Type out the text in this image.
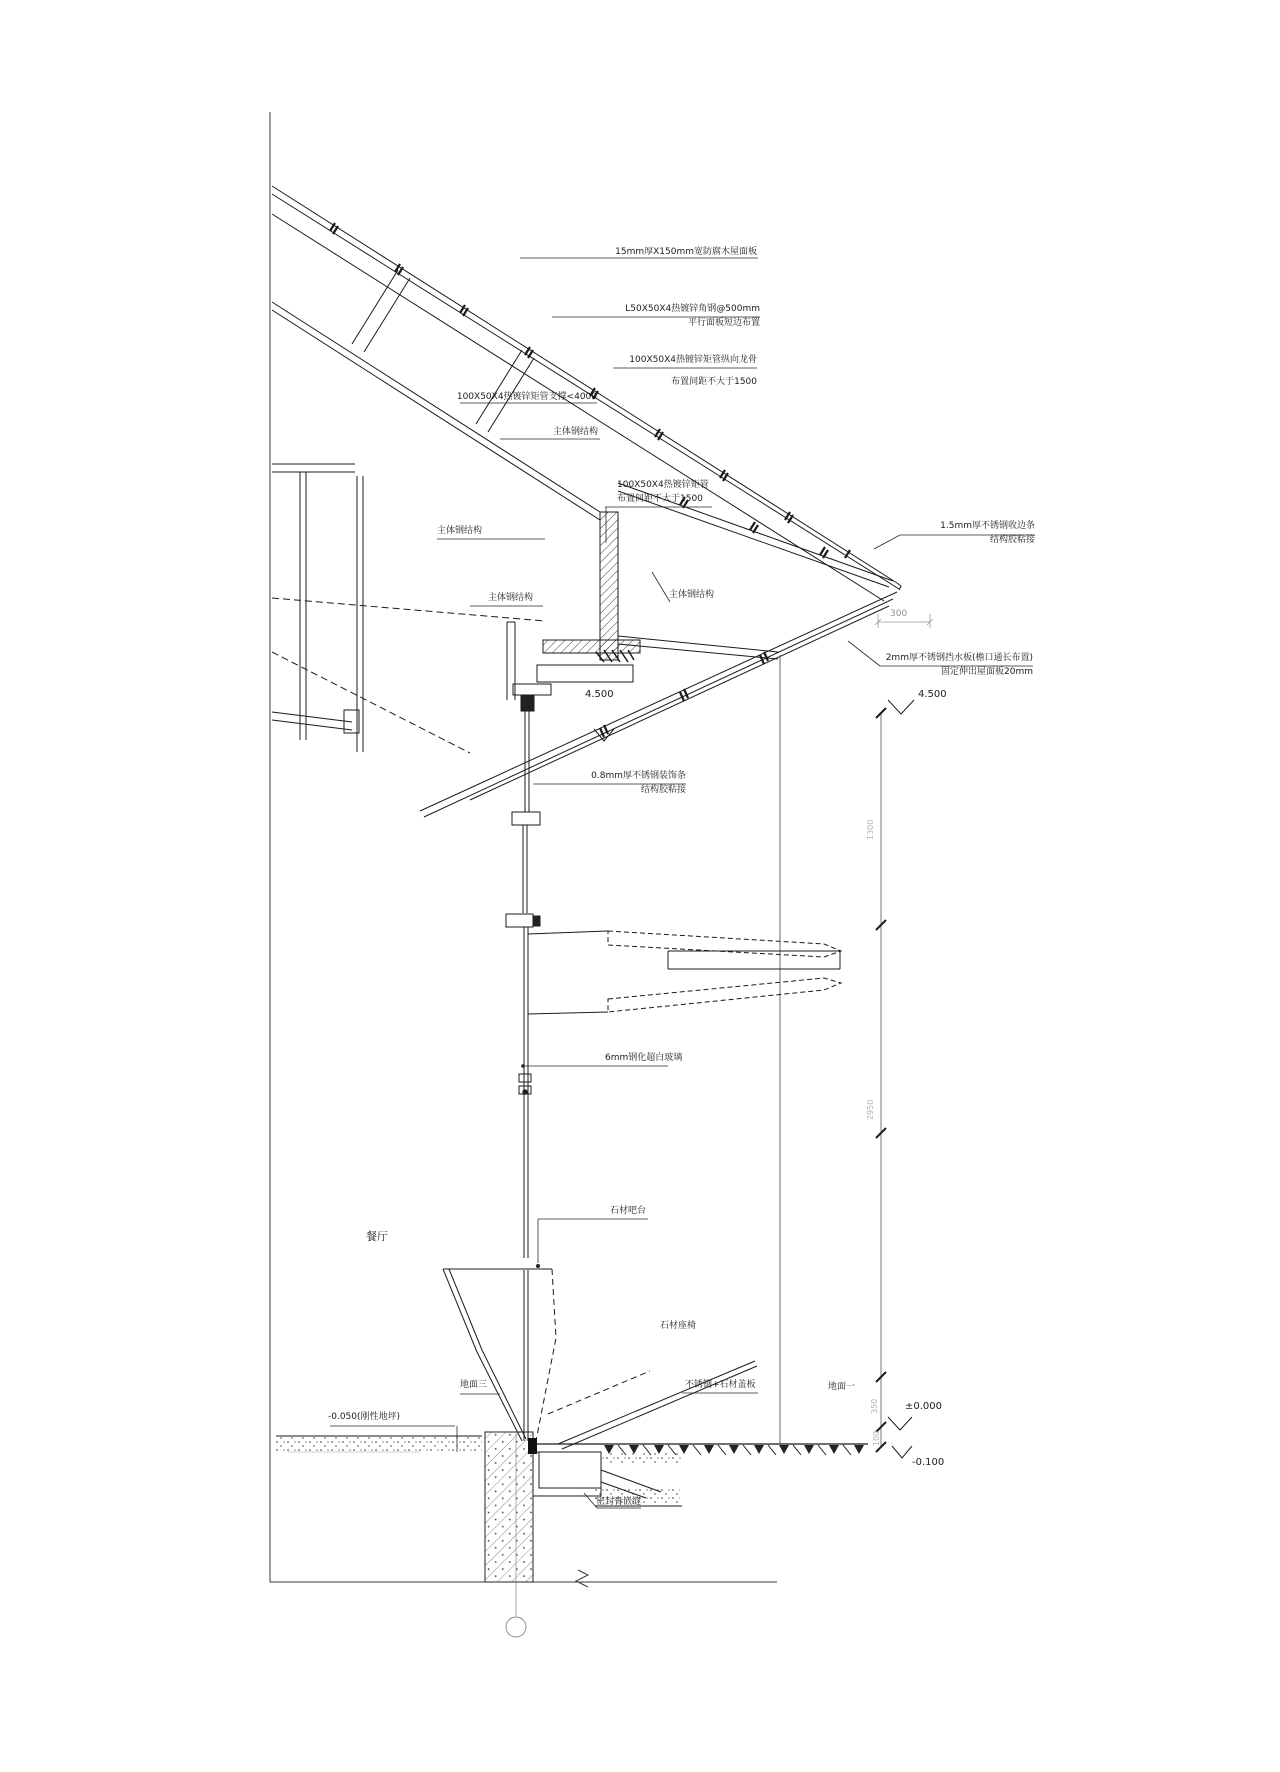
15mm厚X150mm宽防腐木屋面板
L50X50X4热镀锌角钢@500mm
平行面板短边布置
100X50X4热镀锌矩管纵向龙骨
布置间距不大于1500
100X50X4热镀锌矩管支撑<4000
主体钢结构
主体钢结构
主体钢结构	主体钢结构
100X50X4热镀锌矩管
布置间距不大于1500
1.5mm厚不锈钢收边条
结构胶粘接
2mm厚不锈钢挡水板(檐口通长布置)
固定伸出屋面板20mm
4.500	4.500
0.8mm厚不锈钢装饰条
结构胶粘接
6mm钢化超白玻璃
石材吧台
餐厅
石材座椅
地面三	地面一
-0.050(刚性地坪)
不锈钢+石材盖板
±0.000
-0.100
密封膏嵌缝
300
1300
2950
350
100
